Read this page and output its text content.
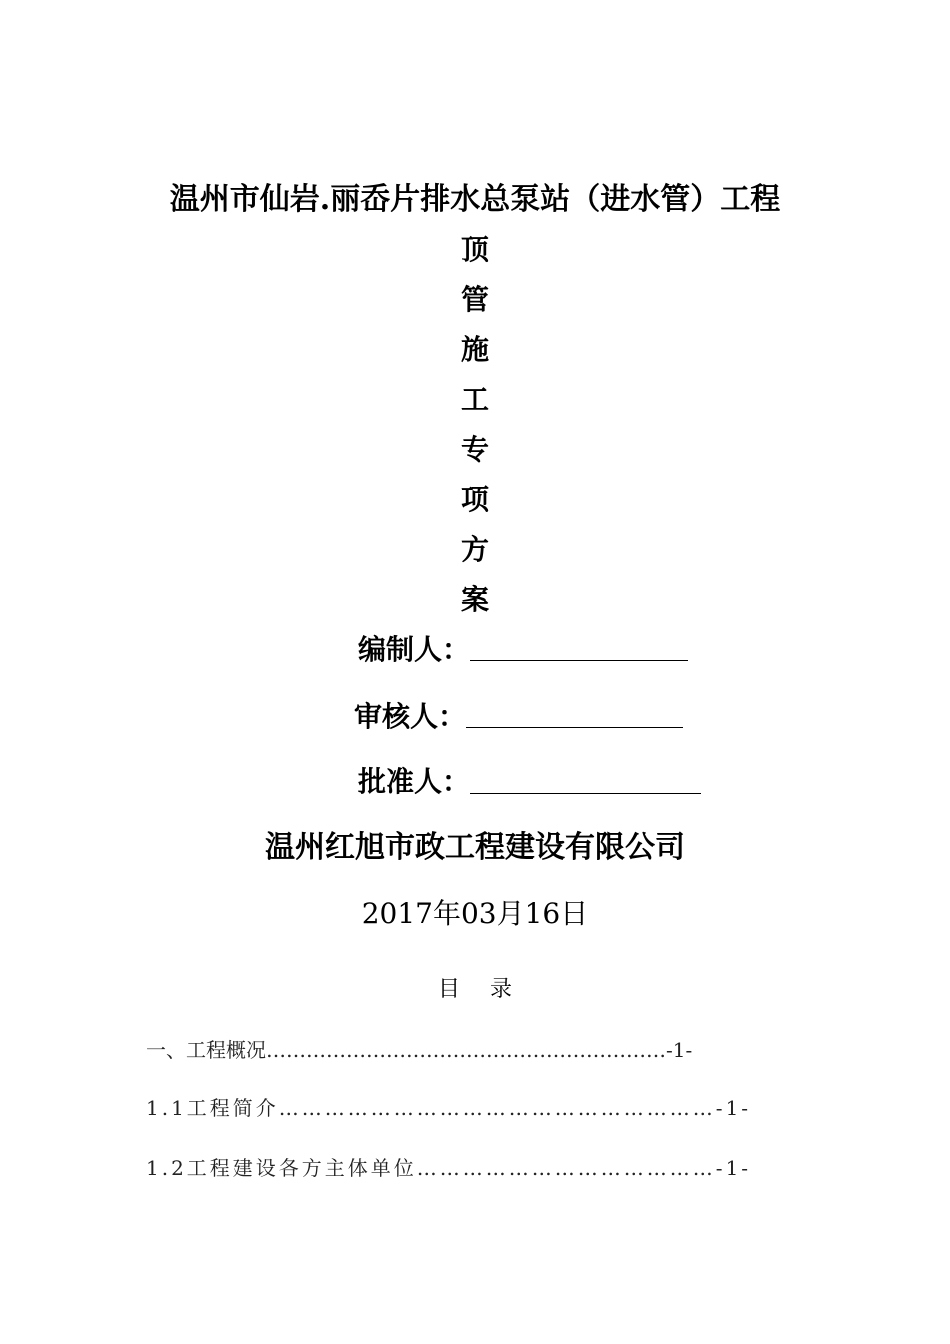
温州市仙岩.丽岙片排水总泵站（进水管）工程
顶
管
施
工
专
项
方
案
编制人：
审核人：
批准人：
温州红旭市政工程建设有限公司
2017年03月16日
目录
一、工程概况……………………………………………………-1-
1.1工程简介…………………………………………………-1-
1.2工程建设各方主体单位…………………………………-1-
